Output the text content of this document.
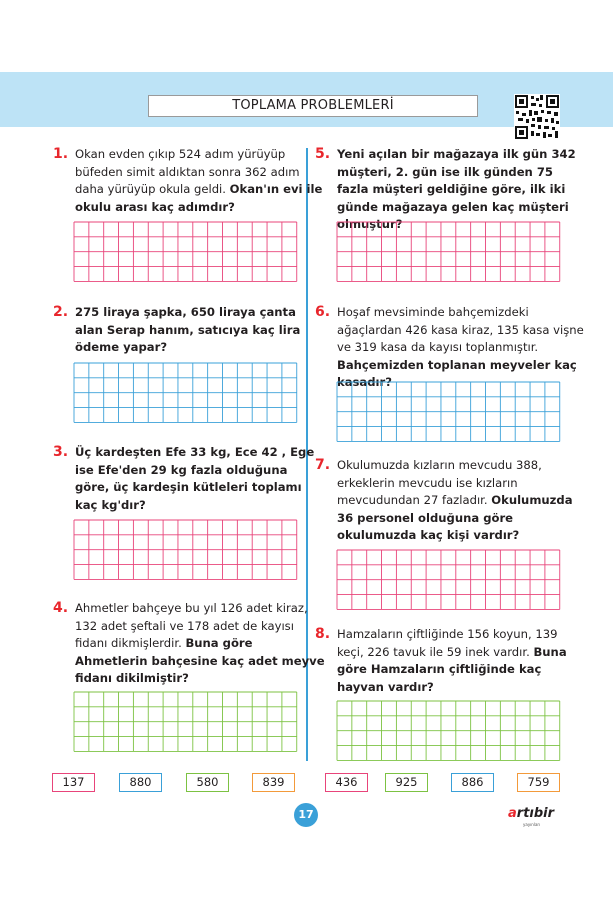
TOPLAMA PROBLEMLERİ
1. Okan evden çıkıp 524 adım yürüyüp büfeden simit aldıktan sonra 362 adım daha yürüyüp okula geldi. Okan'ın evi ile okulu arası kaç adımdır?

2. 275 liraya şapka, 650 liraya çanta alan Serap hanım, satıcıya kaç lira ödeme yapar?

3. Üç kardeşten Efe 33 kg, Ece 42 , Ege ise Efe'den 29 kg fazla olduğuna göre, üç kardeşin kütleleri toplamı kaç kg'dır?

4. Ahmetler bahçeye bu yıl 126 adet kiraz, 132 adet şeftali ve 178 adet de kayısı fidanı dikmişlerdir. Buna göre Ahmetlerin bahçesine kaç adet meyve fidanı dikilmiştir?

5. Yeni açılan bir mağazaya ilk gün 342 müşteri, 2. gün ise ilk günden 75 fazla müşteri geldiğine göre, ilk iki günde mağazaya gelen kaç müşteri olmuştur?

6. Hoşaf mevsiminde bahçemizdeki ağaçlardan 426 kasa kiraz, 135 kasa vişne ve 319 kasa da kayısı toplanmıştır. Bahçemizden toplanan meyveler kaç kasadır?

7. Okulumuzda kızların mevcudu 388, erkeklerin mevcudu ise kızların mevcudundan 27 fazladır. Okulumuzda 36 personel olduğuna göre okulumuzda kaç kişi vardır?

8. Hamzaların çiftliğinde 156 koyun, 139 keçi, 226 tavuk ile 59 inek vardır. Buna göre Hamzaların çiftliğinde kaç hayvan vardır?

137	880	580	839	436	925	886	759
17	artıbir
yayınları
